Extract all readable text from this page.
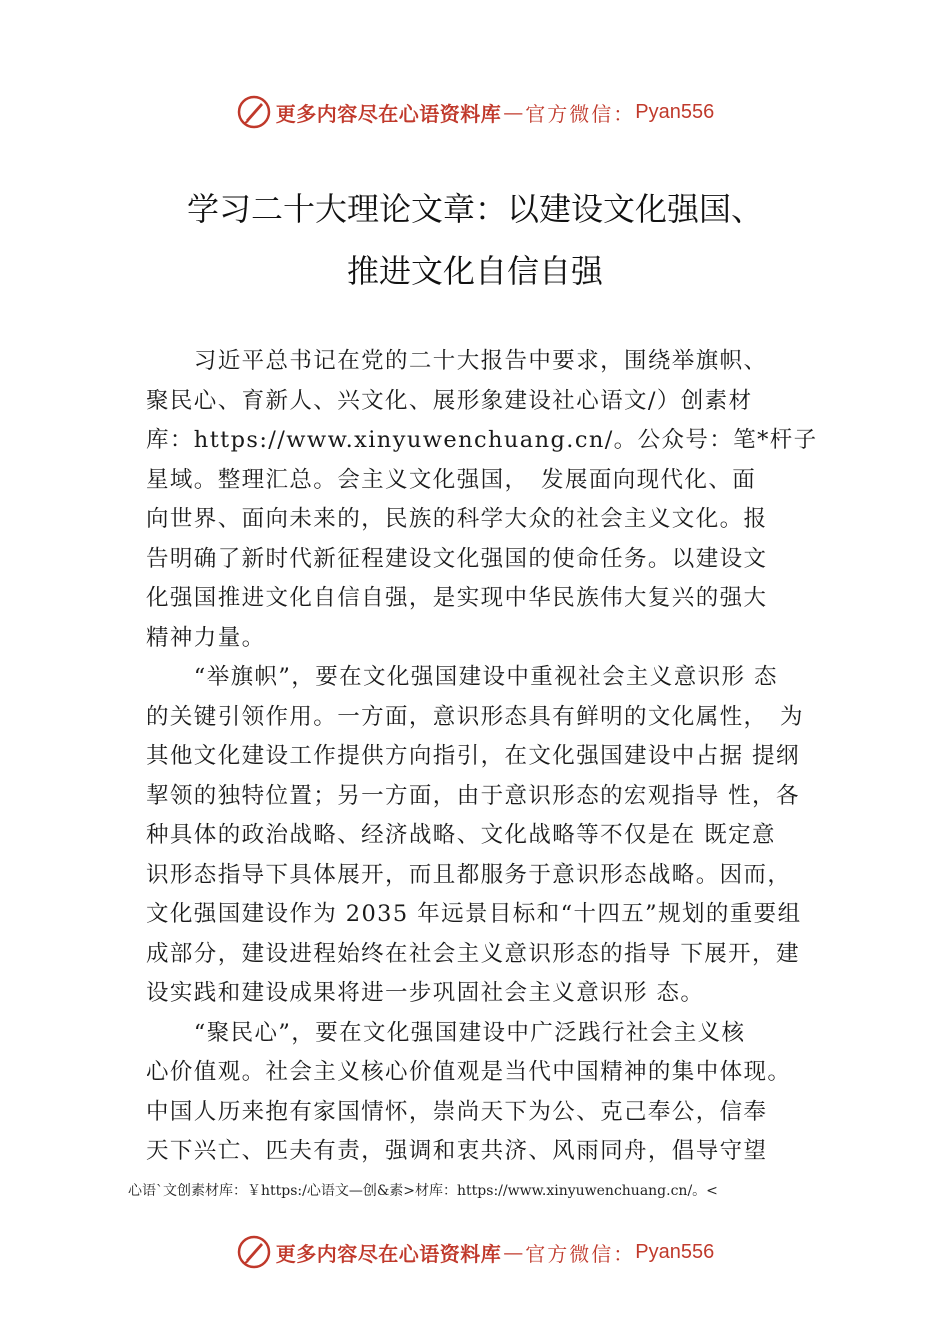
更多内容尽在心语资料库 — 官方微信： Pyan556
学习二十大理论文章：以建设文化强国、
推进文化自信自强

　　习近平总书记在党的二十大报告中要求，围绕举旗帜、

聚民心、育新人、兴文化、展形象建设社心语文/）创素材

库：https://www.xinyuwenchuang.cn/。公众号：笔*杆子

星域。整理汇总。会主义文化强国，　发展面向现代化、面

向世界、面向未来的，民族的科学大众的社会主义文化。报

告明确了新时代新征程建设文化强国的使命任务。以建设文

化强国推进文化自信自强，是实现中华民族伟大复兴的强大

精神力量。

　　“举旗帜”，要在文化强国建设中重视社会主义意识形 态

的关键引领作用。一方面，意识形态具有鲜明的文化属性，　为

其他文化建设工作提供方向指引，在文化强国建设中占据 提纲

挈领的独特位置；另一方面，由于意识形态的宏观指导 性，各

种具体的政治战略、经济战略、文化战略等不仅是在 既定意

识形态指导下具体展开，而且都服务于意识形态战略。因而，

文化强国建设作为 2035 年远景目标和“十四五”规划的重要组

成部分，建设进程始终在社会主义意识形态的指导 下展开，建

设实践和建设成果将进一步巩固社会主义意识形 态。

　　“聚民心”，要在文化强国建设中广泛践行社会主义核

心价值观。社会主义核心价值观是当代中国精神的集中体现。

中国人历来抱有家国情怀，崇尚天下为公、克己奉公，信奉

天下兴亡、匹夫有责，强调和衷共济、风雨同舟，倡导守望

心语`文创素材库：￥https:/心语文—创&素>材库：https://www.xinyuwenchuang.cn/。<
更多内容尽在心语资料库 — 官方微信： Pyan556
